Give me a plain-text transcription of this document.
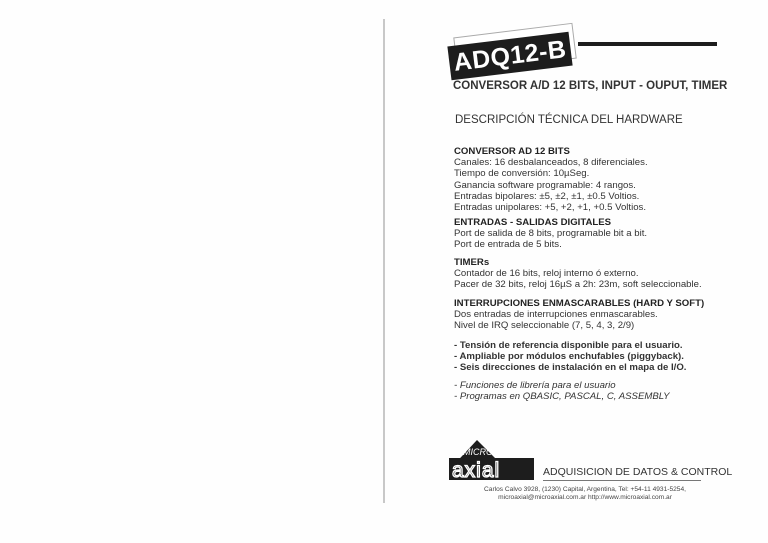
ADQ12-B
CONVERSOR A/D 12 BITS, INPUT - OUPUT, TIMER
DESCRIPCIÓN TÉCNICA DEL HARDWARE
CONVERSOR AD 12 BITS
Canales: 16 desbalanceados, 8 diferenciales.
Tiempo de conversión: 10µSeg.
Ganancia software programable: 4 rangos.
Entradas bipolares: ±5, ±2, ±1, ±0.5 Voltios.
Entradas unipolares: +5, +2, +1, +0.5 Voltios.
ENTRADAS - SALIDAS DIGITALES
Port de salida de 8 bits, programable bit a bit.
Port de entrada de 5 bits.
TIMERs
Contador de 16 bits, reloj interno ó externo.
Pacer de 32 bits, reloj 16µS a 2h: 23m, soft seleccionable.
INTERRUPCIONES ENMASCARABLES (HARD Y SOFT)
Dos entradas de interrupciones enmascarables.
Nivel de IRQ seleccionable (7, 5, 4, 3, 2/9)
- Tensión de referencia disponible para el usuario.
- Ampliable por módulos enchufables (piggyback).
- Seis direcciones de instalación en el mapa de I/O.
- Funciones de librería para el usuario
- Programas en QBASIC, PASCAL, C, ASSEMBLY
MICRO
axial	ADQUISICION DE DATOS & CONTROL
Carlos Calvo 3928, (1230) Capital, Argentina, Tel: +54-11 4931-5254,
microaxial@microaxial.com.ar http://www.microaxial.com.ar
